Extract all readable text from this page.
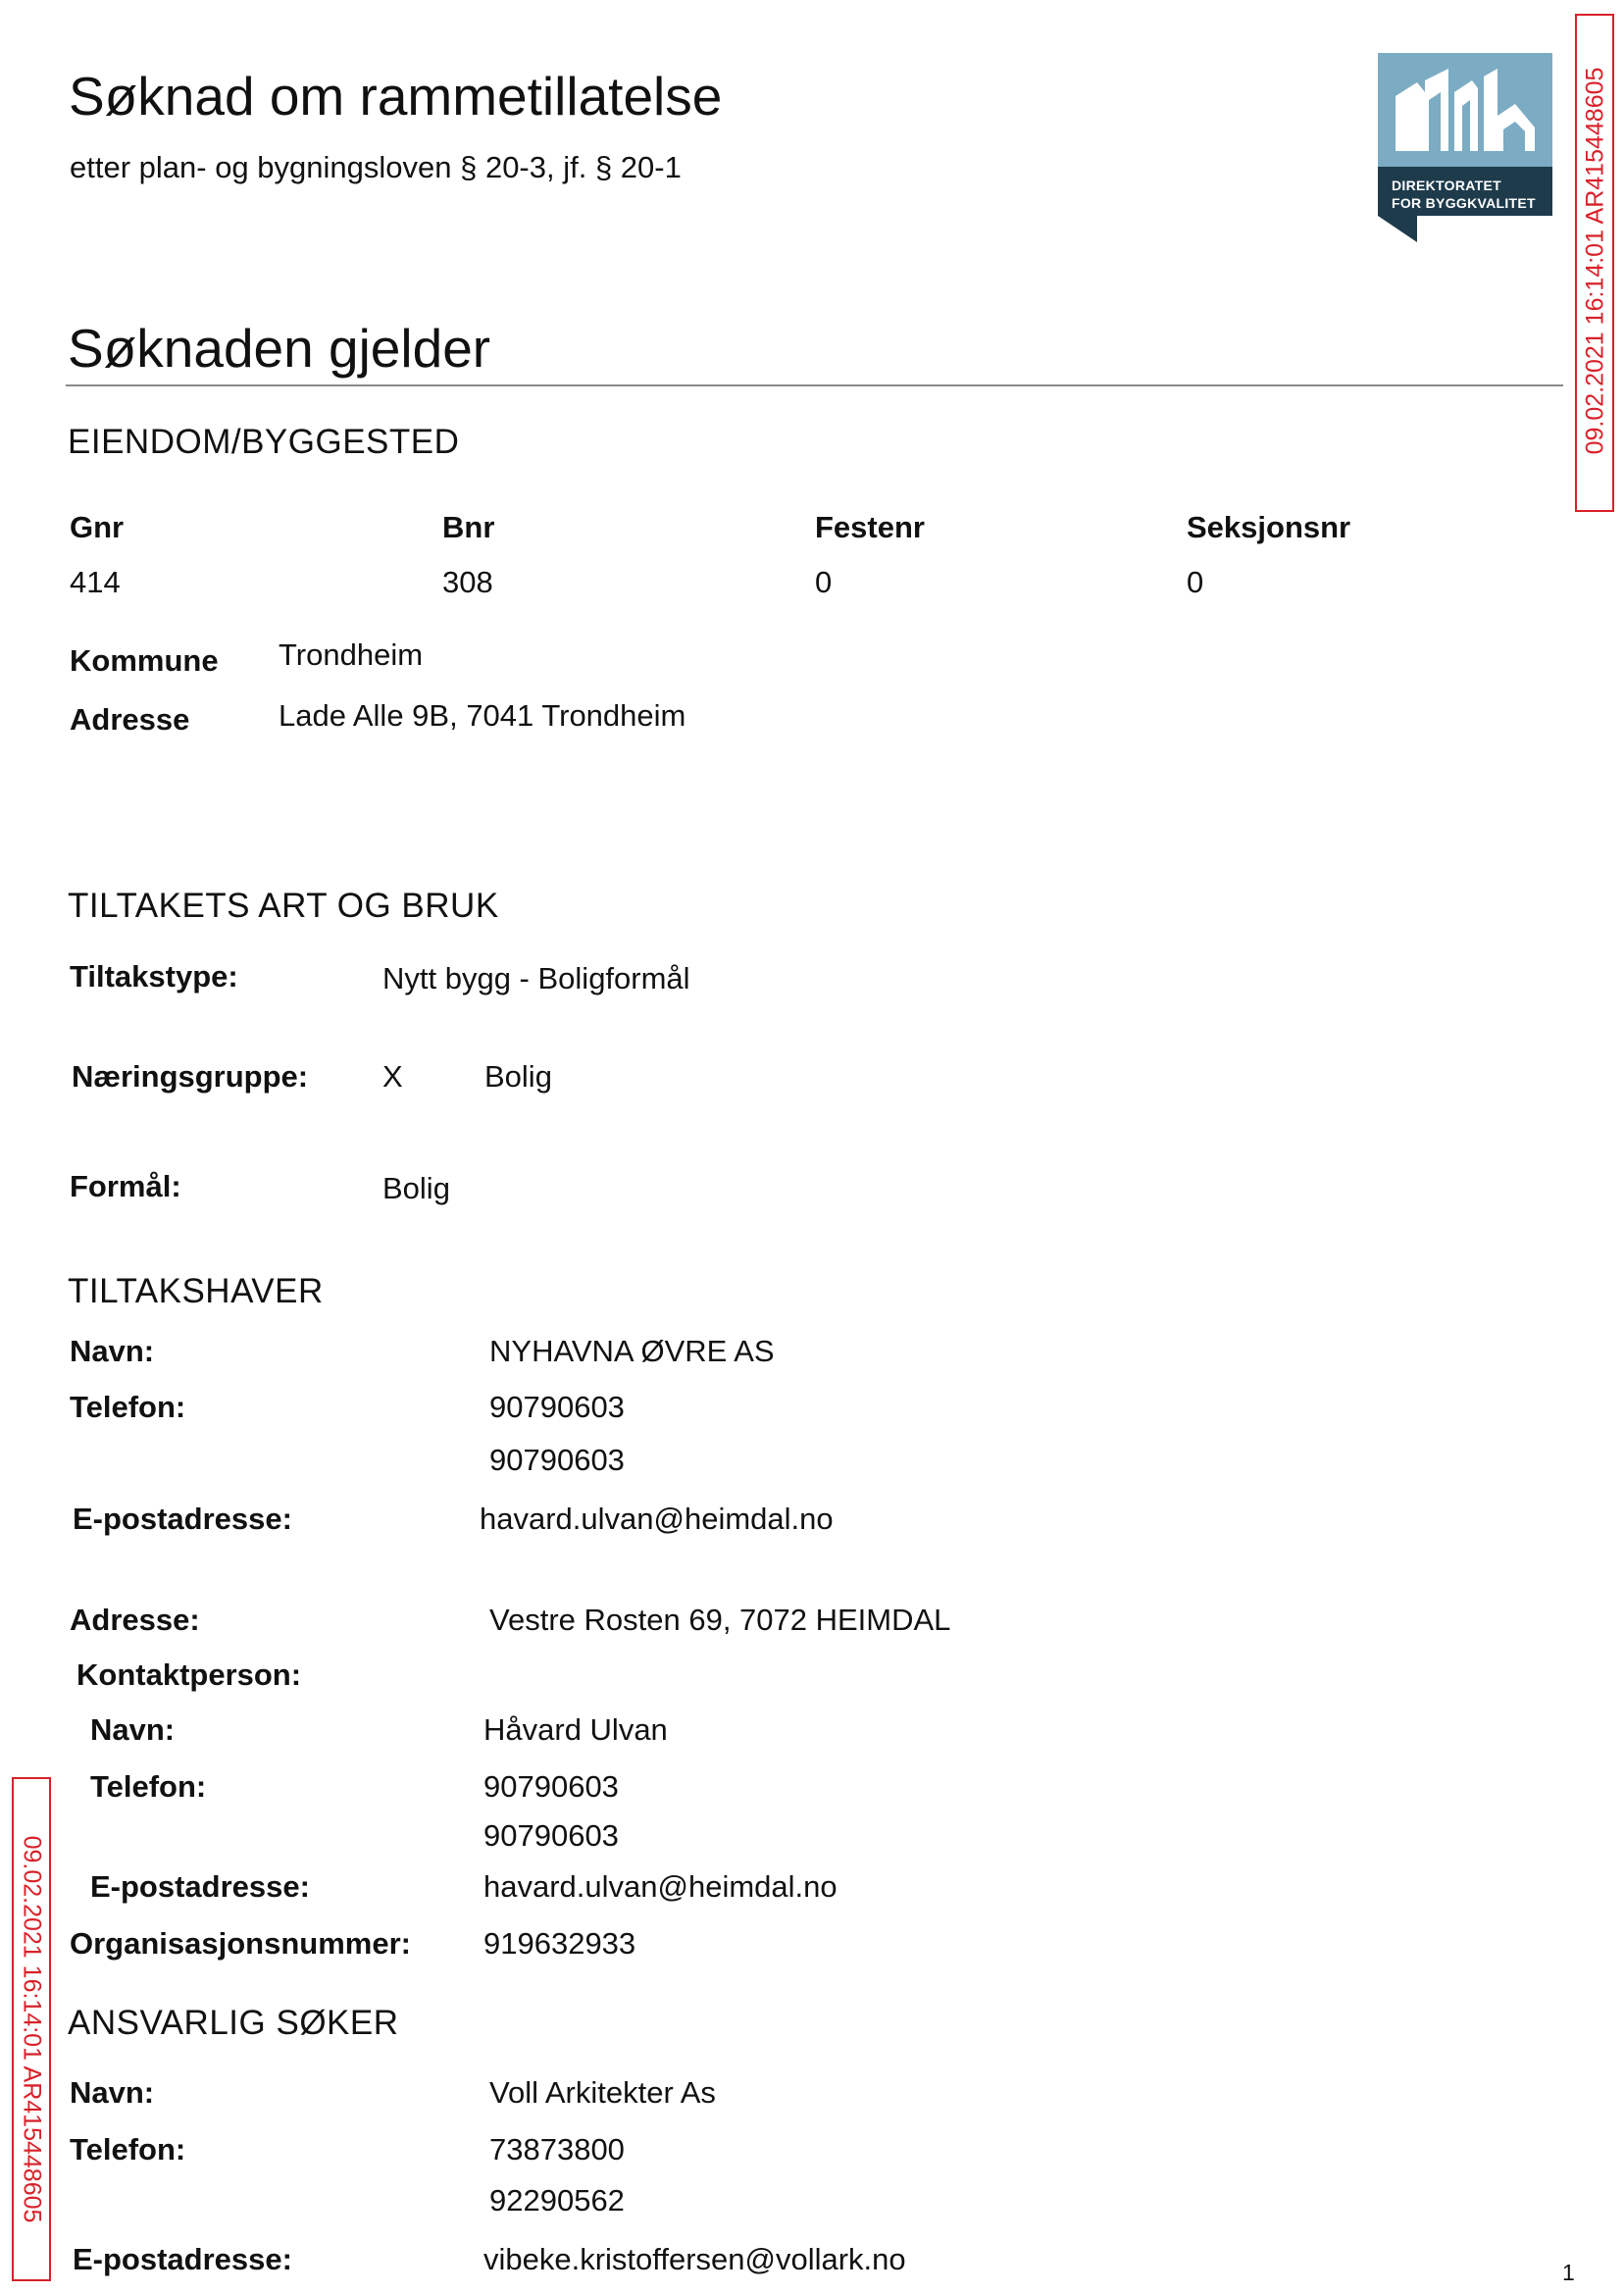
Søknad om rammetillatelse
etter plan- og bygningsloven § 20-3, jf. § 20-1
DIREKTORATET
FOR BYGGKVALITET 09.02.2021 16:14:01 AR415448605
Søknaden gjelder
EIENDOM/BYGGESTED
Gnr	Bnr	Festenr	Seksjonsnr
414	308	0	0
Kommune Trondheim
Adresse	Lade Alle 9B, 7041 Trondheim
TILTAKETS ART OG BRUK
Tiltakstype:	Nytt bygg - Boligformål
Næringsgruppe: X	Bolig
Formål:	Bolig
TILTAKSHAVER
Navn:	NYHAVNA ØVRE AS
Telefon:	90790603
90790603
E-postadresse:	havard.ulvan@heimdal.no
Adresse:	Vestre Rosten 69, 7072 HEIMDAL
Kontaktperson:
Navn:	Håvard Ulvan
Telefon:	90790603
90790603
E-postadresse:	havard.ulvan@heimdal.no
Organisasjonsnummer: 919632933
09.02.2021 16:14:01 AR415448605 ANSVARLIG SØKER
Navn:	Voll Arkitekter As
Telefon:	73873800
92290562
E-postadresse:	vibeke.kristoffersen@vollark.no	1
